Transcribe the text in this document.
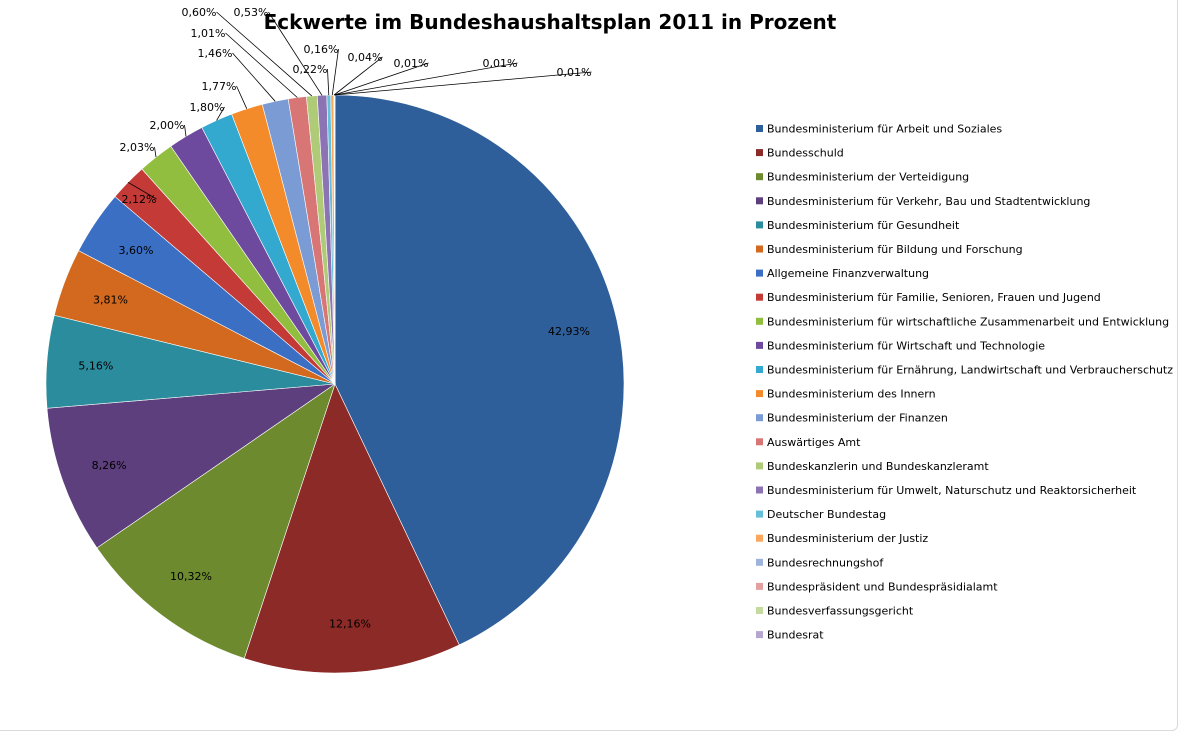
Eckwerte im Bundeshaushaltsplan 2011 in Prozent
42,93%
12,16%
10,32%
8,26%
5,16%
3,81%
3,60%
2,12%
2,03%
2,00%
1,80%
1,77%
1,46%
1,01%
0,60% 0,53%
0,22%
0,16%
0,04% 0,01%	0,01%
0,01%
Bundesministerium für Arbeit und Soziales
Bundesschuld
Bundesministerium der Verteidigung
Bundesministerium für Verkehr, Bau und Stadtentwicklung
Bundesministerium für Gesundheit
Bundesministerium für Bildung und Forschung
Allgemeine Finanzverwaltung
Bundesministerium für Familie, Senioren, Frauen und Jugend
Bundesministerium für wirtschaftliche Zusammenarbeit und Entwicklung
Bundesministerium für Wirtschaft und Technologie
Bundesministerium für Ernährung, Landwirtschaft und Verbraucherschutz
Bundesministerium des Innern
Bundesministerium der Finanzen
Auswärtiges Amt
Bundeskanzlerin und Bundeskanzleramt
Bundesministerium für Umwelt, Naturschutz und Reaktorsicherheit
Deutscher Bundestag
Bundesministerium der Justiz
Bundesrechnungshof
Bundespräsident und Bundespräsidialamt
Bundesverfassungsgericht
Bundesrat
